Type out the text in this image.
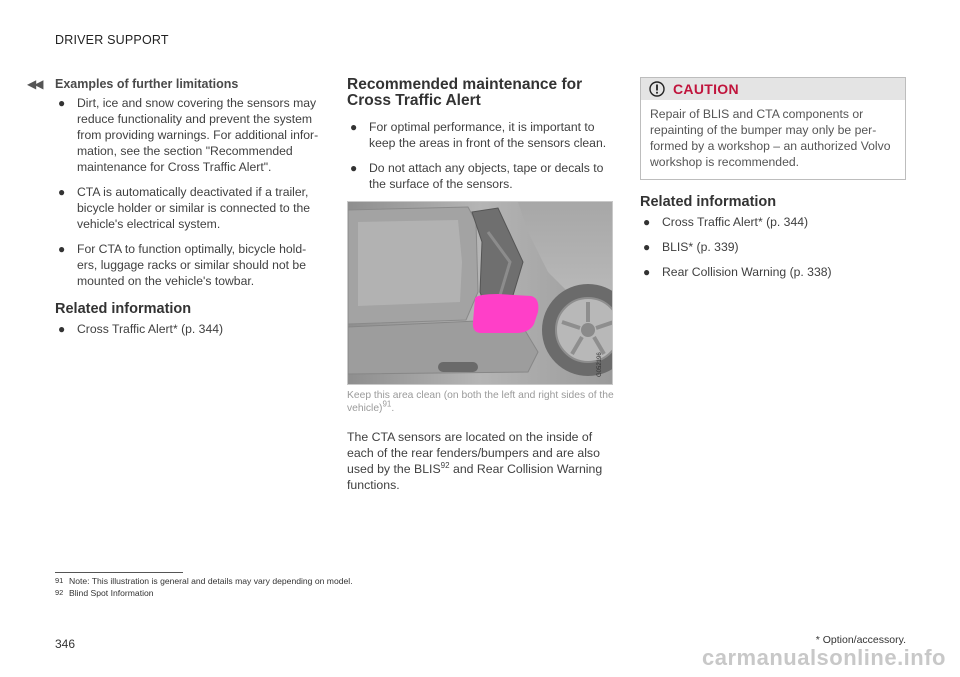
DRIVER SUPPORT
◀◀ Examples of further limitations
● Dirt, ice and snow covering the sensors may reduce functionality and prevent the system from providing warnings. For additional infor-mation, see the section "Recommended maintenance for Cross Traffic Alert".
● CTA is automatically deactivated if a trailer, bicycle holder or similar is connected to the vehicle's electrical system.
● For CTA to function optimally, bicycle hold-ers, luggage racks or similar should not be mounted on the vehicle's towbar.
Related information
● Cross Traffic Alert* (p. 344)
Recommended maintenance for Cross Traffic Alert
● For optimal performance, it is important to keep the areas in front of the sensors clean.
● Do not attach any objects, tape or decals to the surface of the sensors.
G052196
Keep this area clean (on both the left and right sides of the vehicle)$^{91}$.
The CTA sensors are located on the inside of each of the rear fenders/bumpers and are also used by the BLIS$^{92}$ and Rear Collision Warning functions.
CAUTION
Repair of BLIS and CTA components or repainting of the bumper may only be per-formed by a workshop – an authorized Volvo workshop is recommended.
Related information
● Cross Traffic Alert* (p. 344)
● BLIS* (p. 339)
● Rear Collision Warning (p. 338)
91 Note: This illustration is general and details may vary depending on model.
92 Blind Spot Information
346	* Option/accessory.
carmanualsonline.info
